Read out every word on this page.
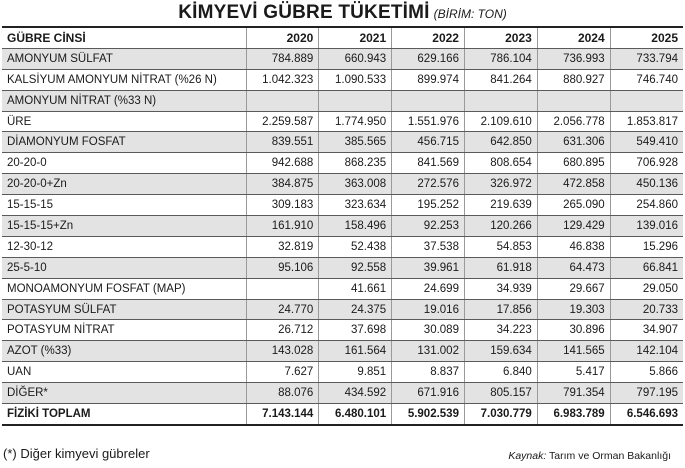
KİMYEVİ GÜBRE TÜKETİMİ (BİRİM: TON)
GÜBRE CİNSİ	2020	2021	2022	2023	2024	2025
AMONYUM SÜLFAT	784.889	660.943	629.166	786.104	736.993	733.794
KALSİYUM AMONYUM NİTRAT (%26 N)	1.042.323	1.090.533	899.974	841.264	880.927	746.740
AMONYUM NİTRAT (%33 N)						
ÜRE	2.259.587	1.774.950	1.551.976	2.109.610	2.056.778	1.853.817
DİAMONYUM FOSFAT	839.551	385.565	456.715	642.850	631.306	549.410
20-20-0	942.688	868.235	841.569	808.654	680.895	706.928
20-20-0+Zn	384.875	363.008	272.576	326.972	472.858	450.136
15-15-15	309.183	323.634	195.252	219.639	265.090	254.860
15-15-15+Zn	161.910	158.496	92.253	120.266	129.429	139.016
12-30-12	32.819	52.438	37.538	54.853	46.838	15.296
25-5-10	95.106	92.558	39.961	61.918	64.473	66.841
MONOAMONYUM FOSFAT (MAP)		41.661	24.699	34.939	29.667	29.050
POTASYUM SÜLFAT	24.770	24.375	19.016	17.856	19.303	20.733
POTASYUM NİTRAT	26.712	37.698	30.089	34.223	30.896	34.907
AZOT (%33)	143.028	161.564	131.002	159.634	141.565	142.104
UAN	7.627	9.851	8.837	6.840	5.417	5.866
DİĞER*	88.076	434.592	671.916	805.157	791.354	797.195
FİZİKİ TOPLAM	7.143.144	6.480.101	5.902.539	7.030.779	6.983.789	6.546.693
(*) Diğer kimyevi gübreler	Kaynak: Tarım ve Orman Bakanlığı
